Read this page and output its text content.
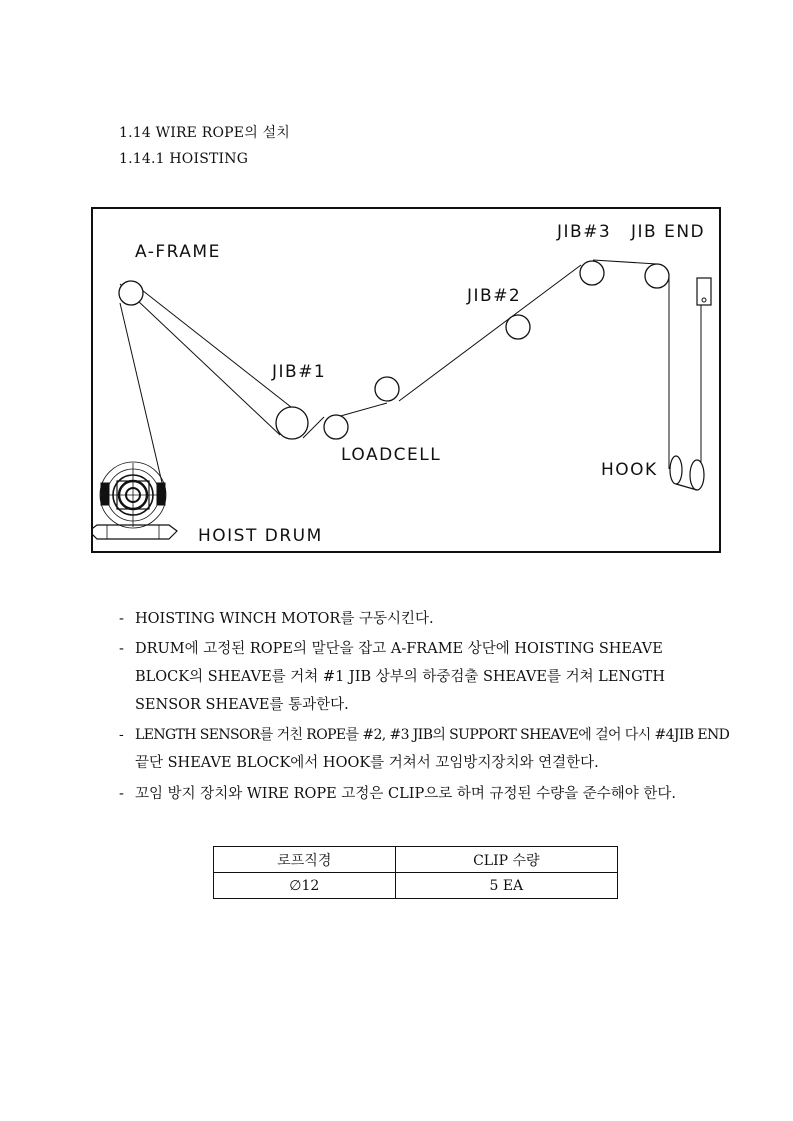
1.14 WIRE ROPE의 설치
1.14.1 HOISTING
A-FRAME
JIB#1
JIB#2
JIB#3 JIB END
LOADCELL
HOOK
HOIST DRUM
- HOISTING WINCH MOTOR를 구동시킨다.
- DRUM에 고정된 ROPE의 말단을 잡고 A-FRAME 상단에 HOISTING SHEAVE
BLOCK의 SHEAVE를 거쳐 #1 JIB 상부의 하중검출 SHEAVE를 거쳐 LENGTH
SENSOR SHEAVE를 통과한다.
- LENGTH SENSOR를 거친 ROPE를 #2, #3 JIB의 SUPPORT SHEAVE에 걸어 다시 #4JIB END
끝단 SHEAVE BLOCK에서 HOOK를 거쳐서 꼬임방지장치와 연결한다.
- 꼬임 방지 장치와 WIRE ROPE 고정은 CLIP으로 하며 규정된 수량을 준수해야 한다.
로프직경	CLIP 수량
∅12	5 EA
